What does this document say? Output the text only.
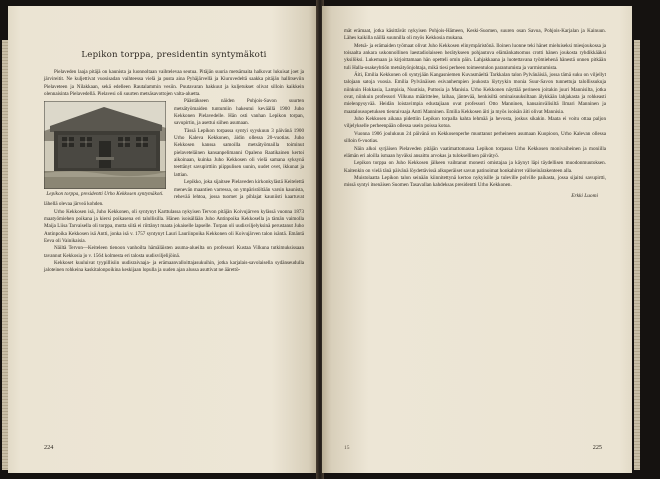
Lepikon torppa, presidentin syntymäkoti

Pielaveden laaja pitäjä on kaunista ja luonnoltaan vaihtelevaa seutua. Pitäjän suuria metsämaita halkovat lukuisat joet ja järvireitit. Ne kuljettivat vuosisadan vaihteessa vielä ja pusta aina Pyhäjärvellä ja Kiuruvedeltä saakka pitäjän hallitseviin Pielaveteen ja Nilakkaan, sekä edelleen Rautalammin vesiin. Puutavaran hakkuut ja kuljetukset olivat silloin kaikkein olennaisinta Pielavedellä. Pielavesi oli suurten metsäsavottojen valta-aluetta.

Lepikon torppa, presidentti Urho Kekkosen syntymäkoti.

Päästäkseen näiden Pohjois-Savon suurten metsätyömaiden tuntumiin hakeutui keväällä 1900 Juho Kekkonen Pielavedelle. Hän osti vanhan Lepikon torpan, savupirtin, ja asettui siihen asumaan.

Tässä Lepikon torpassa syntyi syyskuun 3 päivänä 1900 Urho Kaleva Kekkonen, äidin ollessa 20-vuotias. Juho Kekkosen kanssa samoilla metsätyömailla toiminut pielaveteläinen kansanpelimanni Opaleno Raatikainen kertoi aikoinaan, kuinka Juho Kekkosen oli vielä samana syksynä teettänyt savupirttiin piippulisen uunin, uudet ovet, ikkunat ja lattian.

Lepikko, joka sijaitsee Pielaveden kirkonkylästä Keitelettä menevän maantien varressa, on ympäristöltään varsin kaunista, rehevää lehtoa, jossa tuomet ja pihlajat kauniisti kaartuvat lähellä olevaa järveä kohden.

Urho Kekkosen isä, Juho Kekkonen, oli syntynyt Karttulassa nykyisen Tervon pitäjän Koivujärven kylässä vuonna 1873 maatyömiehen poikana ja kiersi poikasena eri talollisilla. Hänen isoisällään Juho Antinpoika Kekkosella ja tämän vaimolla Maija Liisa Tarvaisella oli torppa, mutta siitä ei riittänyt maata jokaiselle lapselle. Torpan oli uudisviljelyksinä perustanut Juho Antinpoika Kekkosen isä Antti, jonka isä v. 1757 syntynyt Lauri Lauriinpoika Kekkonen oli Koivujärven talon isäntä. Emäntä Eeva oli Vainikaisia.

Näiltä Tervon—Keiteleen tienoon vanhoilta hämäläisten asuma-alueilta on professori Kustaa Vilkuna tutkimuksissaan tavannut Kekkosia jo v. 1564 kolmesta eri talosta uudisviljelijöinä.

Kekkoset kuuluivat tyypillisiin uudisraivaaja- ja erämaanvalloittajasukuihin, jotka karjalais-savolaisella sydänseudulla jaloteinen rohkeina kaskitalonpoikina keskijaan lopulla ja uuden ajan alussa asuttivat ne äärettö-

224

mät erämaat, jotka käsittävät nykyisen Pohjois-Hämeen, Keski-Suomen, suuren osan Savoa, Pohjois-Karjalan ja Kainuun. Lähes kaikilla näillä suunnilla oli myös Kekkosia mukana.

Metsä- ja erämaiden työmaat olivat Juho Kekkosen elinympäristönä. Iloinen luonne teki hänet mieluiseksi miesjoukossa ja toisaalta ankara uskonnollinen laestadiolaiseen herätykseen pohjautuva elämänkatsomus crotti hänen joukosta ryhdikkääksi yksilöksi. Lukemaan ja kirjoittamaan hän opetteli omin päin. Lahjakkaana ja luotettavana työmiehenä hänestä onnen pitkään tuli Halla-osakeyhtiön metsätyönjohtaja, mikä tiesi perheen toimeentulon parantumista ja varmistumista.

Äiti, Emilia Kekkonen oli syntyjään Kangasniemen Kuvasmäeltä Tarkkalan talon Pylvänäisiä, jossa tämä suku on viljellyt talojaan satoja vuosia. Emilia Pylvänäisen esivanhempien joukosta löytyykin monia Suur-Savon tunnettuja talollissukuja niinkuin Hokkasia, Lampisia, Nuutisia, Puttosia ja Manisia. Urho Kekkonen näyttää perineen joitakin juuri Mannisilta, jotka ovat, niinkuin professori Vilkuna määrittelee, laihaa, jäntevää, henkisiltä ominaisuuksiltaan älykkään lahjakasta ja rohkeasti mielenpysyvää. Heidän loistavimpia edustajiaan ovat professori Otto Manninen, kansainvälisiltä Ilmari Manninen ja maatalousopetuksen tienraivaaja Antti Manninen. Emilia Kekkosen äiti ja myös isoisän äiti olivat Mannisia.

Juho Kekkosen aikana pidettiin Lepikon torpalla kahta lehmää ja hevosta, joskus sikakin. Maata ei voitu ottaa paljon viljelykselle perheenpään ollessa usein poissa kotoa.

Vuonna 1906 joulukuun 24 päivänä on Kekkosenperhe muuttanut perheineen asumaan Kuopioon, Urho Kalevan ollessa silloin 6-vuotias.

Näin alkoi syrjäisen Pielaveden pitäjän vaatimattomassa Lepikon torpassa Urho Kekkosen monivaiheinen ja moniilla elämän eri aloilla ismaan hyväksi ansaittu arvokas ja tuloksellinen päivätyö.

Lepikon torppa on Juho Kekkosen jälkeen vaihtanut monesti omistajaa ja käynyt läpi täydellisen muodonmuutoksen. Kaitenkin on vielä tänä päivänä löydettävissä alkuperäiset savun patinoimat honkahirret väliseinärakenteen alla.

Muistolaatta Lepikon talon seinään kiinnitettynä kertoo nykyisille ja tuleville polville paikasta, jossa sijaitsi savupirtti, missä syntyi itsenäisen Suomen Tasavallan kahdeksas presidentti Urho Kekkonen.

Erkki Luomi
15	225
